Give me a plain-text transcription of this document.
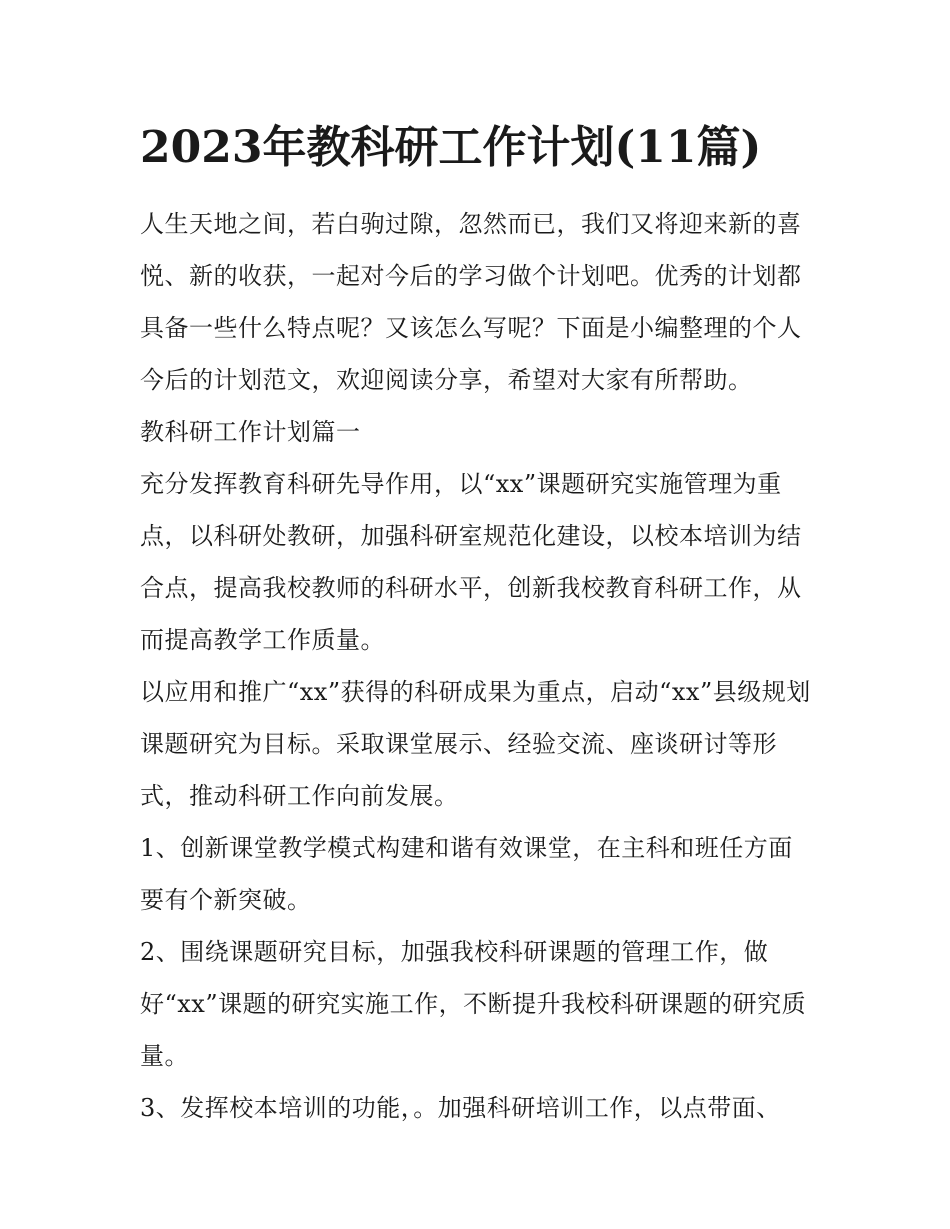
2023年教科研工作计划(11篇)

人生天地之间，若白驹过隙，忽然而已，我们又将迎来新的喜

悦、新的收获，一起对今后的学习做个计划吧。优秀的计划都

具备一些什么特点呢？又该怎么写呢？下面是小编整理的个人

今后的计划范文，欢迎阅读分享，希望对大家有所帮助。

教科研工作计划篇一

充分发挥教育科研先导作用，以“xx”课题研究实施管理为重

点，以科研处教研，加强科研室规范化建设，以校本培训为结

合点，提高我校教师的科研水平，创新我校教育科研工作，从

而提高教学工作质量。

以应用和推广“xx”获得的科研成果为重点，启动“xx”县级规划

课题研究为目标。采取课堂展示、经验交流、座谈研讨等形

式，推动科研工作向前发展。

1、创新课堂教学模式构建和谐有效课堂，在主科和班任方面

要有个新突破。

2、围绕课题研究目标，加强我校科研课题的管理工作，做

好“xx”课题的研究实施工作，不断提升我校科研课题的研究质

量。

3、发挥校本培训的功能，。加强科研培训工作，以点带面、
